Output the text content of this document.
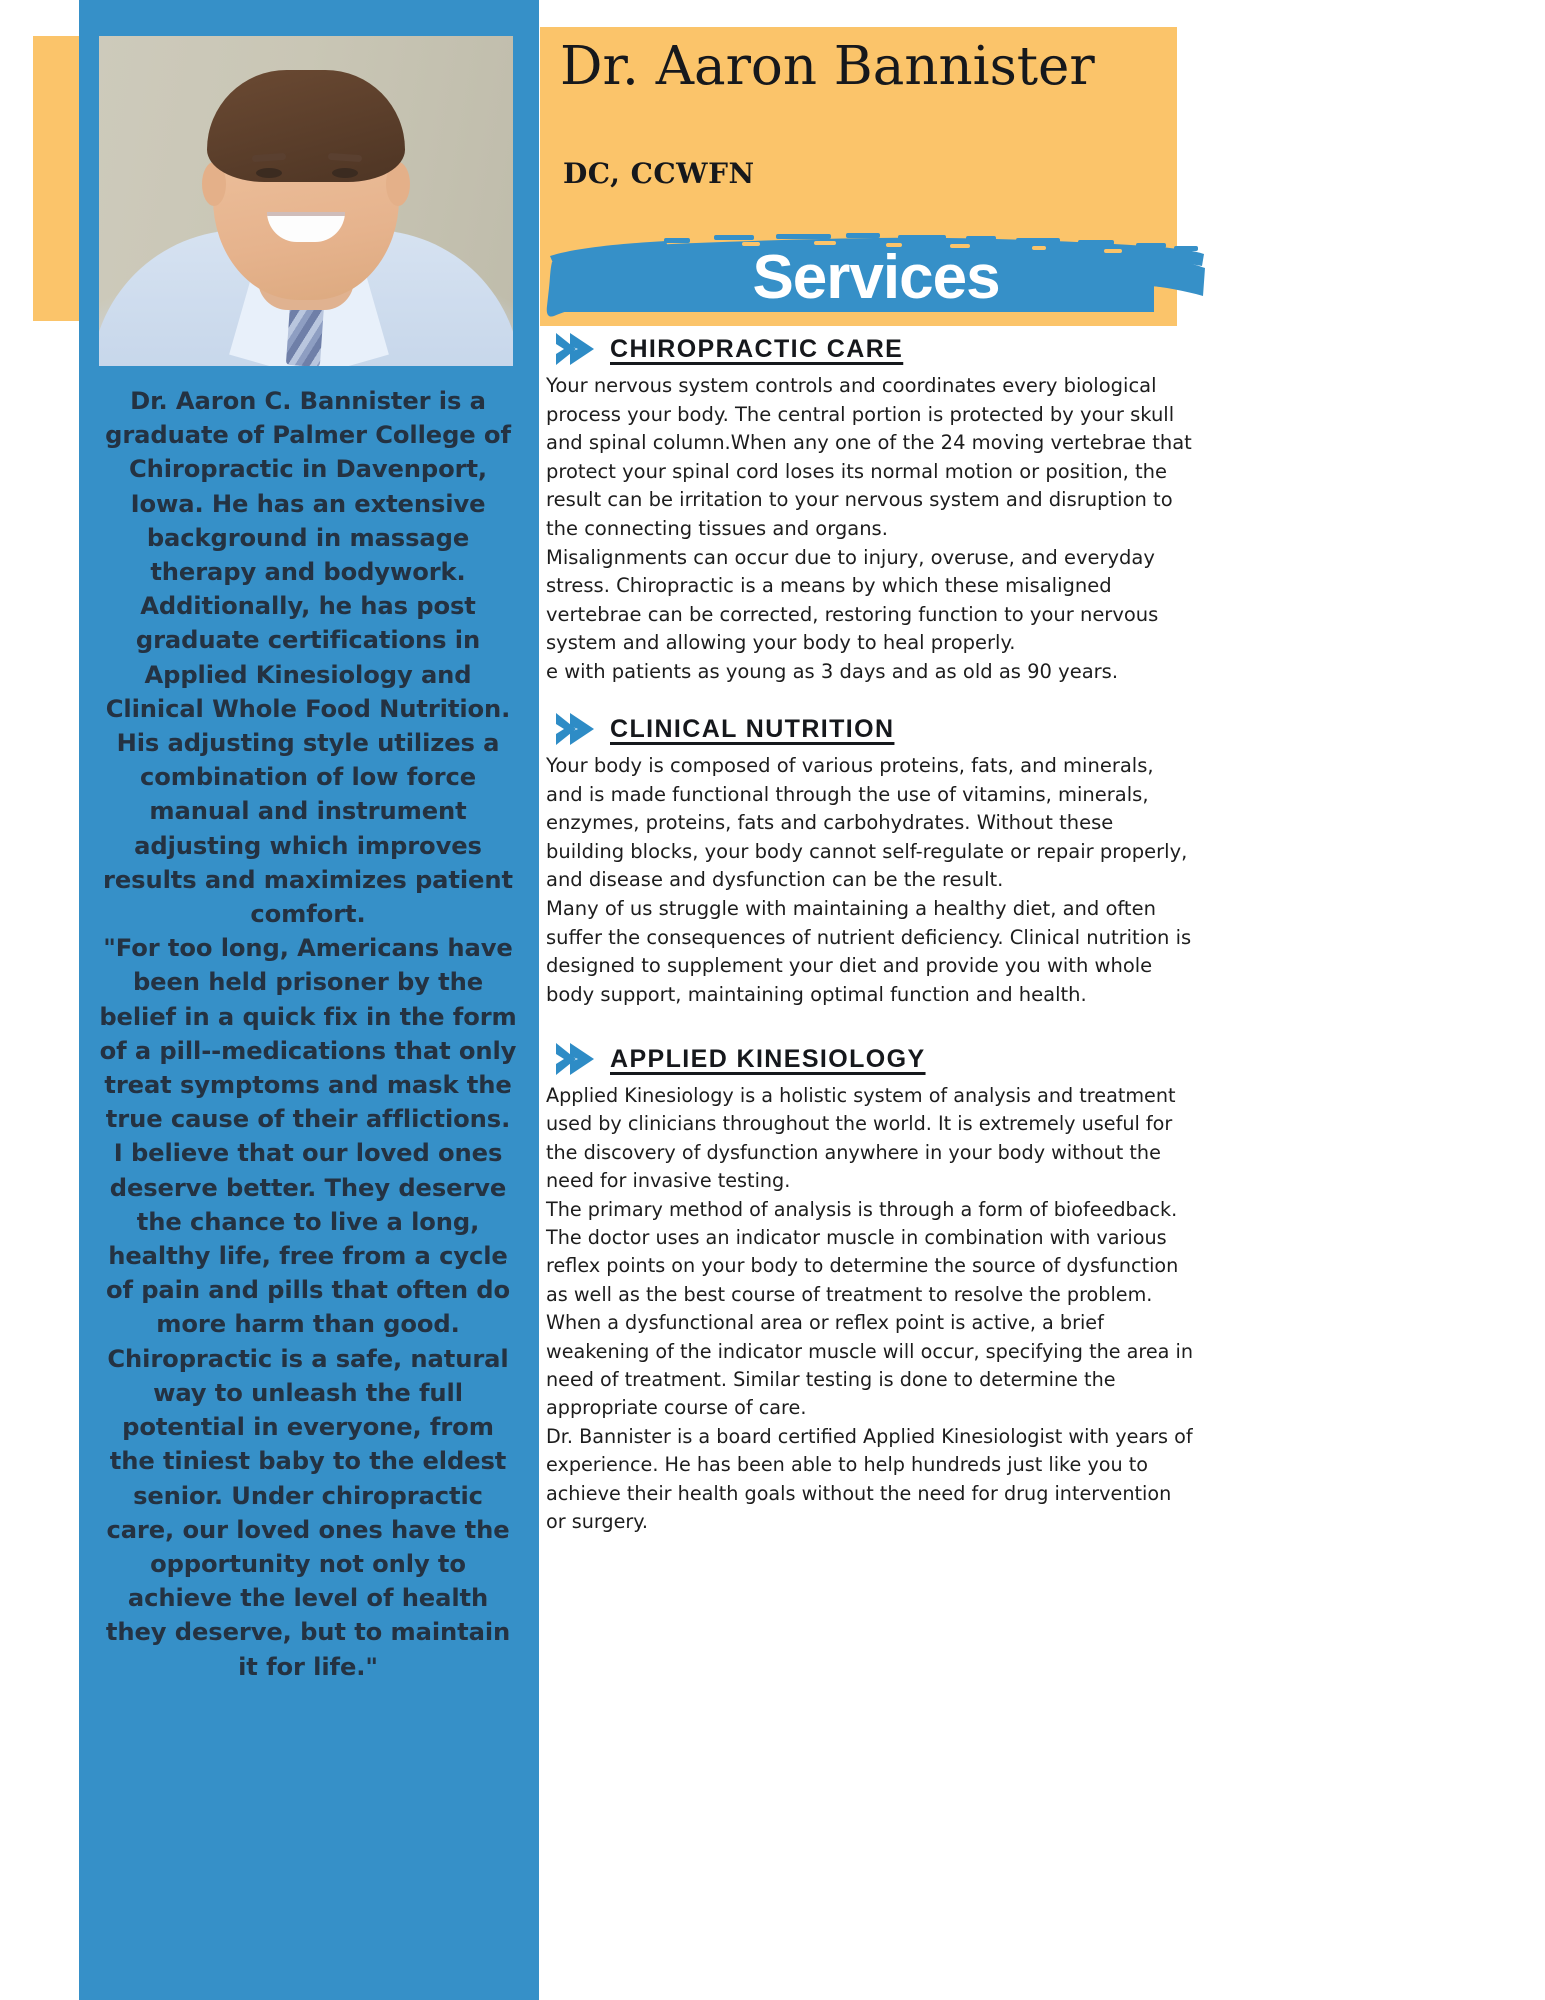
Dr. Aaron C. Bannister is a graduate of Palmer College of Chiropractic in Davenport, Iowa. He has an extensive background in massage therapy and bodywork. Additionally, he has post graduate certifications in Applied Kinesiology and Clinical Whole Food Nutrition. His adjusting style utilizes a combination of low force manual and instrument adjusting which improves results and maximizes patient comfort.

"For too long, Americans have been held prisoner by the belief in a quick fix in the form of a pill--medications that only treat symptoms and mask the true cause of their afflictions. I believe that our loved ones deserve better. They deserve the chance to live a long, healthy life, free from a cycle of pain and pills that often do more harm than good. Chiropractic is a safe, natural way to unleash the full potential in everyone, from the tiniest baby to the eldest senior. Under chiropractic care, our loved ones have the opportunity not only to achieve the level of health they deserve, but to maintain it for life."

Dr. Aaron Bannister
DC, CCWFN
Services
CHIROPRACTIC CARE

Your nervous system controls and coordinates every biological process your body. The central portion is protected by your skull and spinal column.When any one of the 24 moving vertebrae that protect your spinal cord loses its normal motion or position, the result can be irritation to your nervous system and disruption to the connecting tissues and organs.

Misalignments can occur due to injury, overuse, and everyday stress. Chiropractic is a means by which these misaligned vertebrae can be corrected, restoring function to your nervous system and allowing your body to heal properly.

e with patients as young as 3 days and as old as 90 years.

CLINICAL NUTRITION

Your body is composed of various proteins, fats, and minerals, and is made functional through the use of vitamins, minerals, enzymes, proteins, fats and carbohydrates. Without these building blocks, your body cannot self-regulate or repair properly, and disease and dysfunction can be the result.

Many of us struggle with maintaining a healthy diet, and often suffer the consequences of nutrient deficiency. Clinical nutrition is designed to supplement your diet and provide you with whole body support, maintaining optimal function and health.

APPLIED KINESIOLOGY

Applied Kinesiology is a holistic system of analysis and treatment used by clinicians throughout the world. It is extremely useful for the discovery of dysfunction anywhere in your body without the need for invasive testing.

The primary method of analysis is through a form of biofeedback. The doctor uses an indicator muscle in combination with various reflex points on your body to determine the source of dysfunction as well as the best course of treatment to resolve the problem. When a dysfunctional area or reflex point is active, a brief weakening of the indicator muscle will occur, specifying the area in need of treatment. Similar testing is done to determine the appropriate course of care.

Dr. Bannister is a board certified Applied Kinesiologist with years of experience. He has been able to help hundreds just like you to achieve their health goals without the need for drug intervention or surgery.
